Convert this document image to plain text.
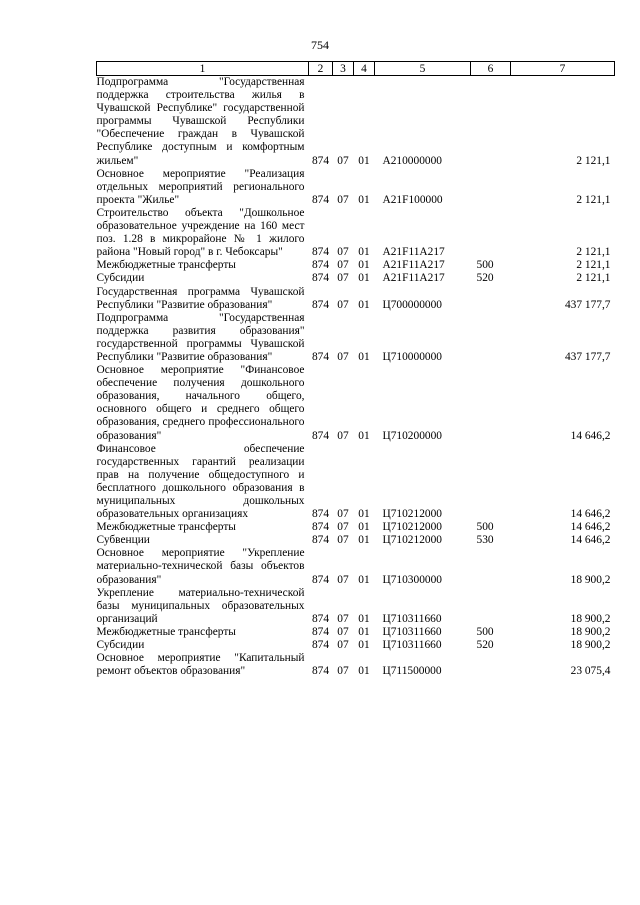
754
1	2	3	4	5	6	7
Подпрограмма "Государственная поддержка строительства жилья в Чувашской Республике" государственной программы Чувашской Республики "Обеспечение граждан в Чувашской Республике доступным и комфортным жильем"	874	07	01	А210000000		2 121,1
Основное мероприятие "Реализация отдельных мероприятий регионального проекта "Жилье"	874	07	01	А21F100000		2 121,1
Строительство объекта "Дошкольное образовательное учреждение на 160 мест поз. 1.28 в микрорайоне № 1 жилого района "Новый город" в г. Чебоксары"	874	07	01	А21F11А217		2 121,1
Межбюджетные трансферты	874	07	01	А21F11А217	500	2 121,1
Субсидии	874	07	01	А21F11А217	520	2 121,1
Государственная программа Чувашской Республики "Развитие образования"	874	07	01	Ц700000000		437 177,7
Подпрограмма "Государственная поддержка развития образования" государственной программы Чувашской Республики "Развитие образования"	874	07	01	Ц710000000		437 177,7
Основное мероприятие "Финансовое обеспечение получения дошкольного образования, начального общего, основного общего и среднего общего образования, среднего профессионального образования"	874	07	01	Ц710200000		14 646,2
Финансовое обеспечение государственных гарантий реализации прав на получение общедоступного и бесплатного дошкольного образования в муниципальных дошкольных образовательных организациях	874	07	01	Ц710212000		14 646,2
Межбюджетные трансферты	874	07	01	Ц710212000	500	14 646,2
Субвенции	874	07	01	Ц710212000	530	14 646,2
Основное мероприятие "Укрепление материально-технической базы объектов образования"	874	07	01	Ц710300000		18 900,2
Укрепление материально-технической базы муниципальных образовательных организаций	874	07	01	Ц710311660		18 900,2
Межбюджетные трансферты	874	07	01	Ц710311660	500	18 900,2
Субсидии	874	07	01	Ц710311660	520	18 900,2
Основное мероприятие "Капитальный ремонт объектов образования"	874	07	01	Ц711500000		23 075,4
